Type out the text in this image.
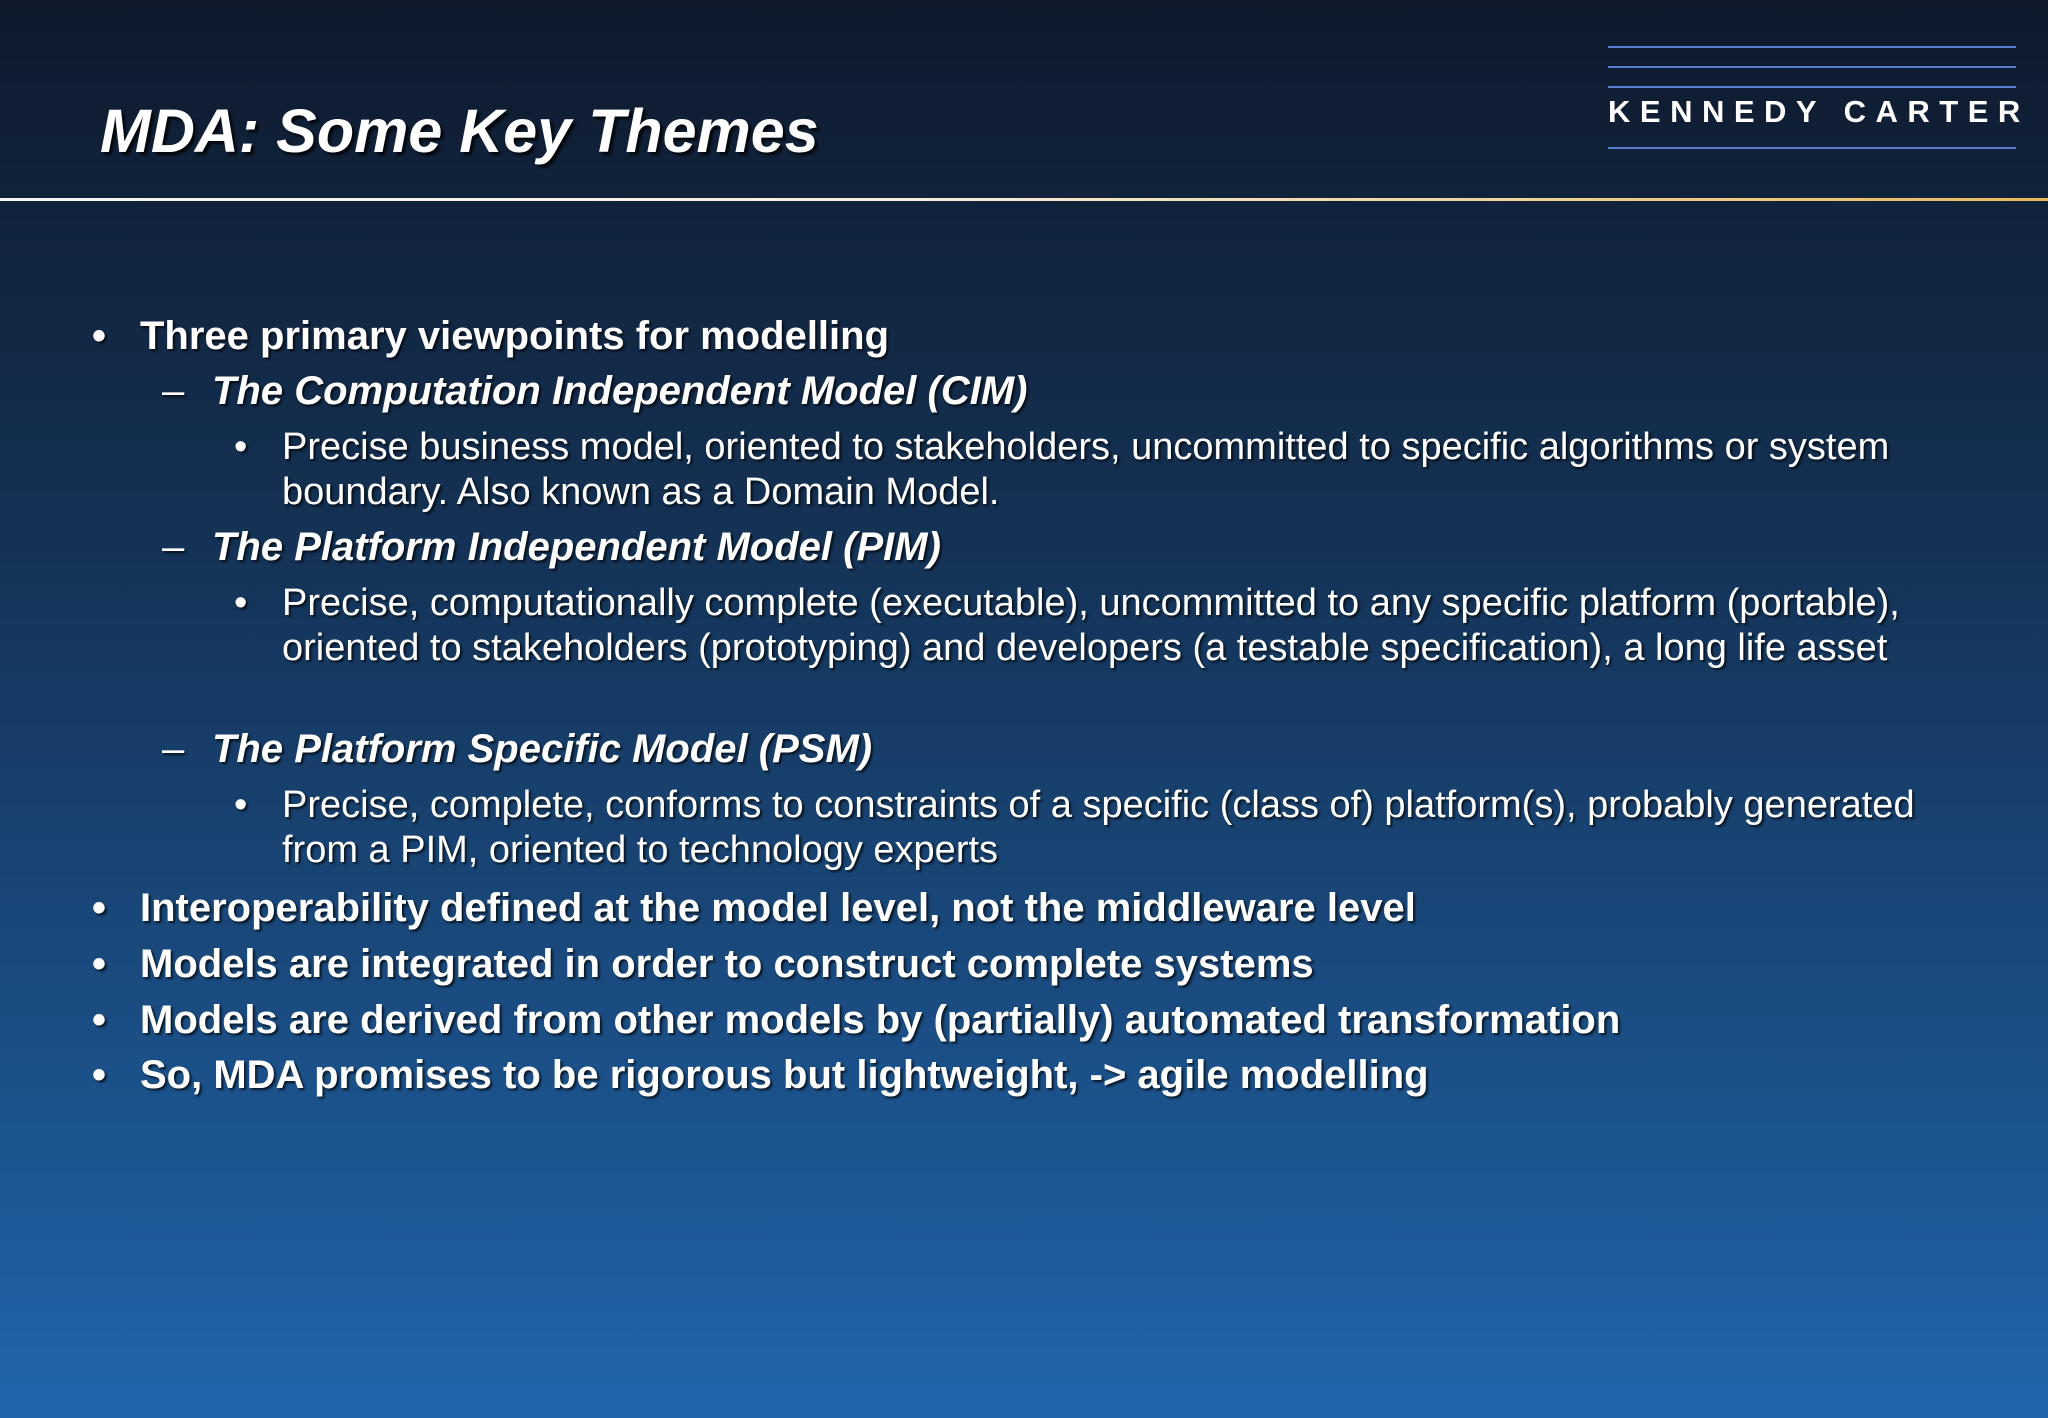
MDA: Some Key Themes	KENNEDY CARTER
• Three primary viewpoints for modelling
– The Computation Independent Model (CIM)
• Precise business model, oriented to stakeholders, uncommitted to specific algorithms or system boundary. Also known as a Domain Model.
– The Platform Independent Model (PIM)
• Precise, computationally complete (executable), uncommitted to any specific platform (portable), oriented to stakeholders (prototyping) and developers (a testable specification), a long life asset
– The Platform Specific Model (PSM)
• Precise, complete, conforms to constraints of a specific (class of) platform(s), probably generated from a PIM, oriented to technology experts
• Interoperability defined at the model level, not the middleware level
• Models are integrated in order to construct complete systems
• Models are derived from other models by (partially) automated transformation
• So, MDA promises to be rigorous but lightweight, -> agile modelling
